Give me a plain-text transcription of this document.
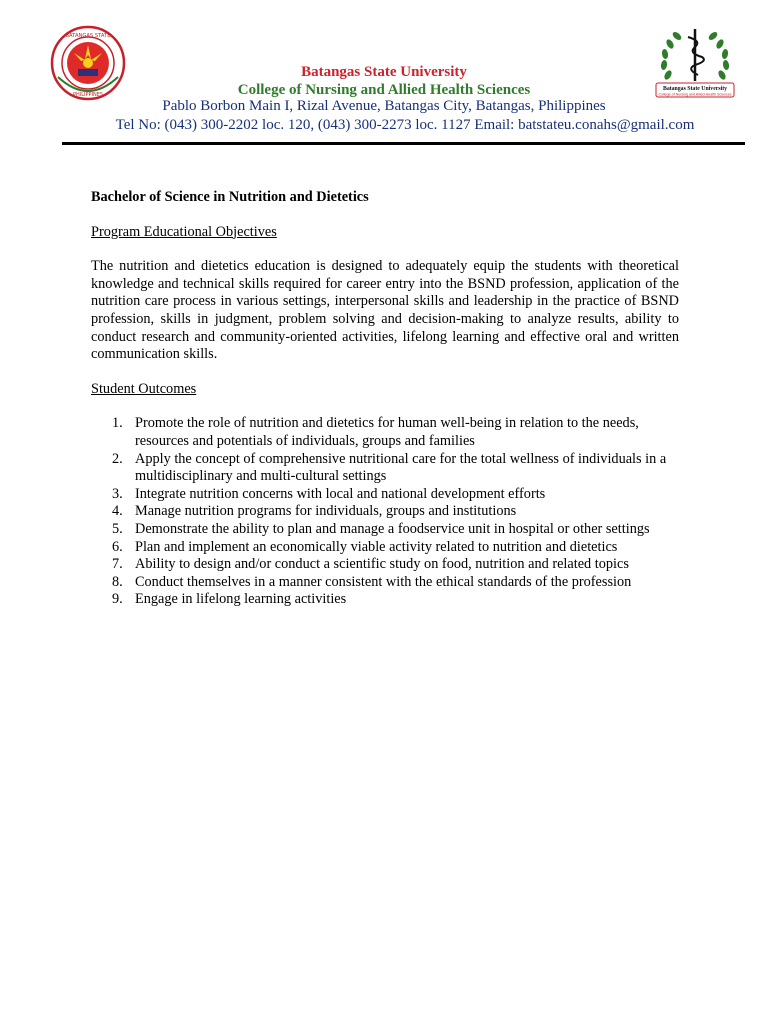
PHILIPPINES
BATANGAS STATE
Batangas State University
College of Nursing and Allied Health Sciences
Pablo Borbon Main I, Rizal Avenue, Batangas City, Batangas, Philippines
Tel No: (043) 300-2202 loc. 120, (043) 300-2273 loc. 1127 Email: batstateu.conahs@gmail.com
Batangas State University
College of Nursing and Allied Health Sciences

Bachelor of Science in Nutrition and Dietetics

Program Educational Objectives

The nutrition and dietetics education is designed to adequately equip the students with theoretical knowledge and technical skills required for career entry into the BSND profession, application of the nutrition care process in various settings, interpersonal skills and leadership in the practice of BSND profession, skills in judgment, problem solving and decision-making to analyze results, ability to conduct research and community-oriented activities, lifelong learning and effective oral and written communication skills.

Student Outcomes

1. Promote the role of nutrition and dietetics for human well-being in relation to the needs, resources and potentials of individuals, groups and families
2. Apply the concept of comprehensive nutritional care for the total wellness of individuals in a multidisciplinary and multi-cultural settings
3. Integrate nutrition concerns with local and national development efforts
4. Manage nutrition programs for individuals, groups and institutions
5. Demonstrate the ability to plan and manage a foodservice unit in hospital or other settings
6. Plan and implement an economically viable activity related to nutrition and dietetics
7. Ability to design and/or conduct a scientific study on food, nutrition and related topics
8. Conduct themselves in a manner consistent with the ethical standards of the profession
9. Engage in lifelong learning activities
